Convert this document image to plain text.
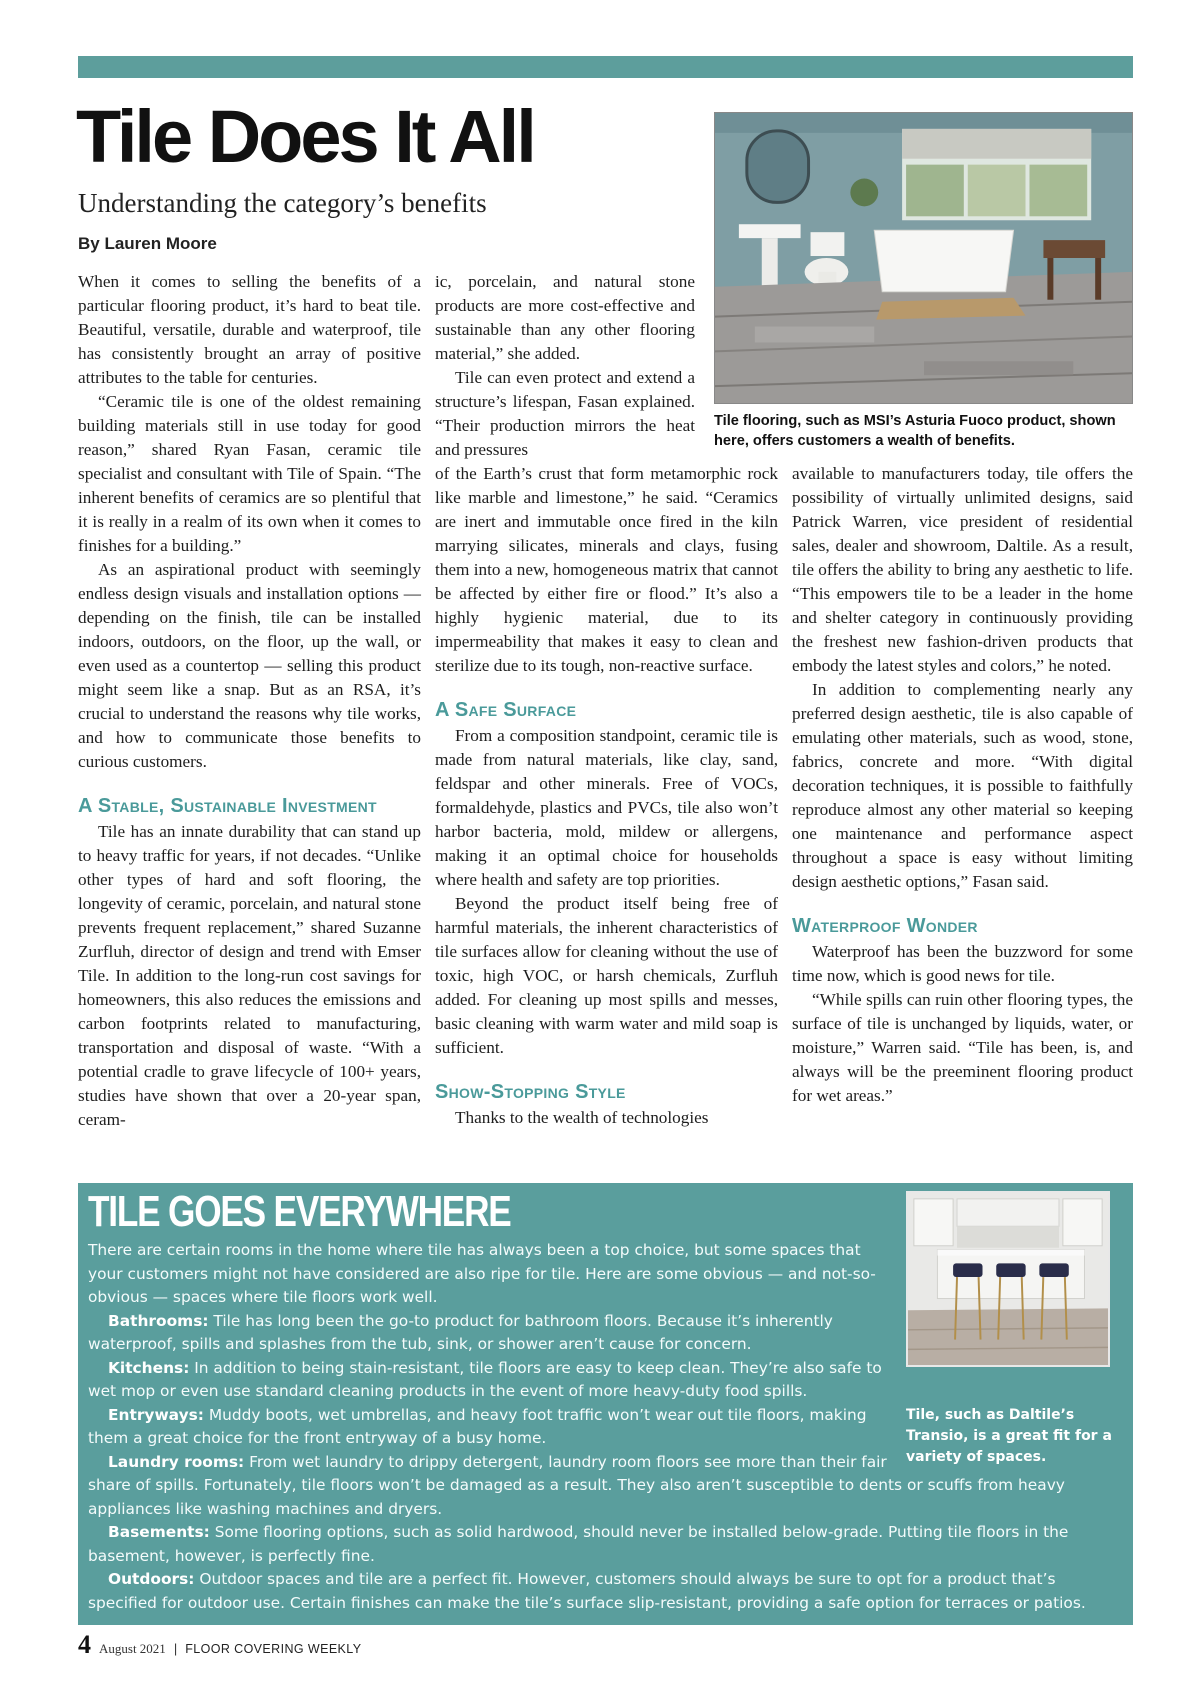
Tile Does It All
Understanding the category’s benefits
By Lauren Moore
Tile flooring, such as MSI’s Asturia Fuoco product, shown here, offers customers a wealth of benefits.

When it comes to selling the benefits of a particular flooring product, it’s hard to beat tile. Beautiful, versatile, durable and waterproof, tile has consistently brought an array of positive attributes to the table for centuries.

“Ceramic tile is one of the oldest remaining building materials still in use today for good reason,” shared Ryan Fasan, ceramic tile specialist and consultant with Tile of Spain. “The inherent benefits of ceramics are so plentiful that it is really in a realm of its own when it comes to finishes for a building.”

As an aspirational product with seemingly endless design visuals and installation options — depending on the finish, tile can be installed indoors, outdoors, on the floor, up the wall, or even used as a countertop — selling this product might seem like a snap. But as an RSA, it’s crucial to understand the reasons why tile works, and how to communicate those benefits to curious customers.

A Stable, Sustainable Investment

Tile has an innate durability that can stand up to heavy traffic for years, if not decades. “Unlike other types of hard and soft flooring, the longevity of ceramic, porcelain, and natural stone prevents frequent replacement,” shared Suzanne Zurfluh, director of design and trend with Emser Tile. In addition to the long-run cost savings for homeowners, this also reduces the emissions and carbon footprints related to manufacturing, transportation and disposal of waste. “With a potential cradle to grave lifecycle of 100+ years, studies have shown that over a 20-year span, ceram-

ic, porcelain, and natural stone products are more cost-effective and sustainable than any other flooring material,” she added.

Tile can even protect and extend a structure’s lifespan, Fasan explained. “Their production mirrors the heat and pressures

of the Earth’s crust that form metamorphic rock like marble and limestone,” he said. “Ceramics are inert and immutable once fired in the kiln marrying silicates, minerals and clays, fusing them into a new, homogeneous matrix that cannot be affected by either fire or flood.” It’s also a highly hygienic material, due to its impermeability that makes it easy to clean and sterilize due to its tough, non-reactive surface.

A Safe Surface

From a composition standpoint, ceramic tile is made from natural materials, like clay, sand, feldspar and other minerals. Free of VOCs, formaldehyde, plastics and PVCs, tile also won’t harbor bacteria, mold, mildew or allergens, making it an optimal choice for households where health and safety are top priorities.

Beyond the product itself being free of harmful materials, the inherent characteristics of tile surfaces allow for cleaning without the use of toxic, high VOC, or harsh chemicals, Zurfluh added. For cleaning up most spills and messes, basic cleaning with warm water and mild soap is sufficient.

Show-Stopping Style

Thanks to the wealth of technologies

available to manufacturers today, tile offers the possibility of virtually unlimited designs, said Patrick Warren, vice president of residential sales, dealer and showroom, Daltile. As a result, tile offers the ability to bring any aesthetic to life. “This empowers tile to be a leader in the home and shelter category in continuously providing the freshest new fashion-driven products that embody the latest styles and colors,” he noted.

In addition to complementing nearly any preferred design aesthetic, tile is also capable of emulating other materials, such as wood, stone, fabrics, concrete and more. “With digital decoration techniques, it is possible to faithfully reproduce almost any other material so keeping one maintenance and performance aspect throughout a space is easy without limiting design aesthetic options,” Fasan said.

Waterproof Wonder

Waterproof has been the buzzword for some time now, which is good news for tile.

“While spills can ruin other flooring types, the surface of tile is unchanged by liquids, water, or moisture,” Warren said. “Tile has been, is, and always will be the preeminent flooring product for wet areas.”

TILE GOES EVERYWHERE

There are certain rooms in the home where tile has always been a top choice, but some spaces that your customers might not have considered are also ripe for tile. Here are some obvious — and not-so-obvious — spaces where tile floors work well.

Bathrooms: Tile has long been the go-to product for bathroom floors. Because it’s inherently waterproof, spills and splashes from the tub, sink, or shower aren’t cause for concern.

Kitchens: In addition to being stain-resistant, tile floors are easy to keep clean. They’re also safe to wet mop or even use standard cleaning products in the event of more heavy-duty food spills.

Entryways: Muddy boots, wet umbrellas, and heavy foot traffic won’t wear out tile floors, making them a great choice for the front entryway of a busy home.

Laundry rooms: From wet laundry to drippy detergent, laundry room floors see more than their fair share of spills. Fortunately, tile floors won’t be damaged as a result. They also aren’t susceptible to dents or scuffs from heavy appliances like washing machines and dryers.

Basements: Some flooring options, such as solid hardwood, should never be installed below-grade. Putting tile floors in the basement, however, is perfectly fine.

Outdoors: Outdoor spaces and tile are a perfect fit. However, customers should always be sure to opt for a product that’s specified for outdoor use. Certain finishes can make the tile’s surface slip-resistant, providing a safe option for terraces or patios.

Tile, such as Daltile’s Transio, is a great fit for a variety of spaces.
4 August 2021 | FLOOR COVERING WEEKLY
